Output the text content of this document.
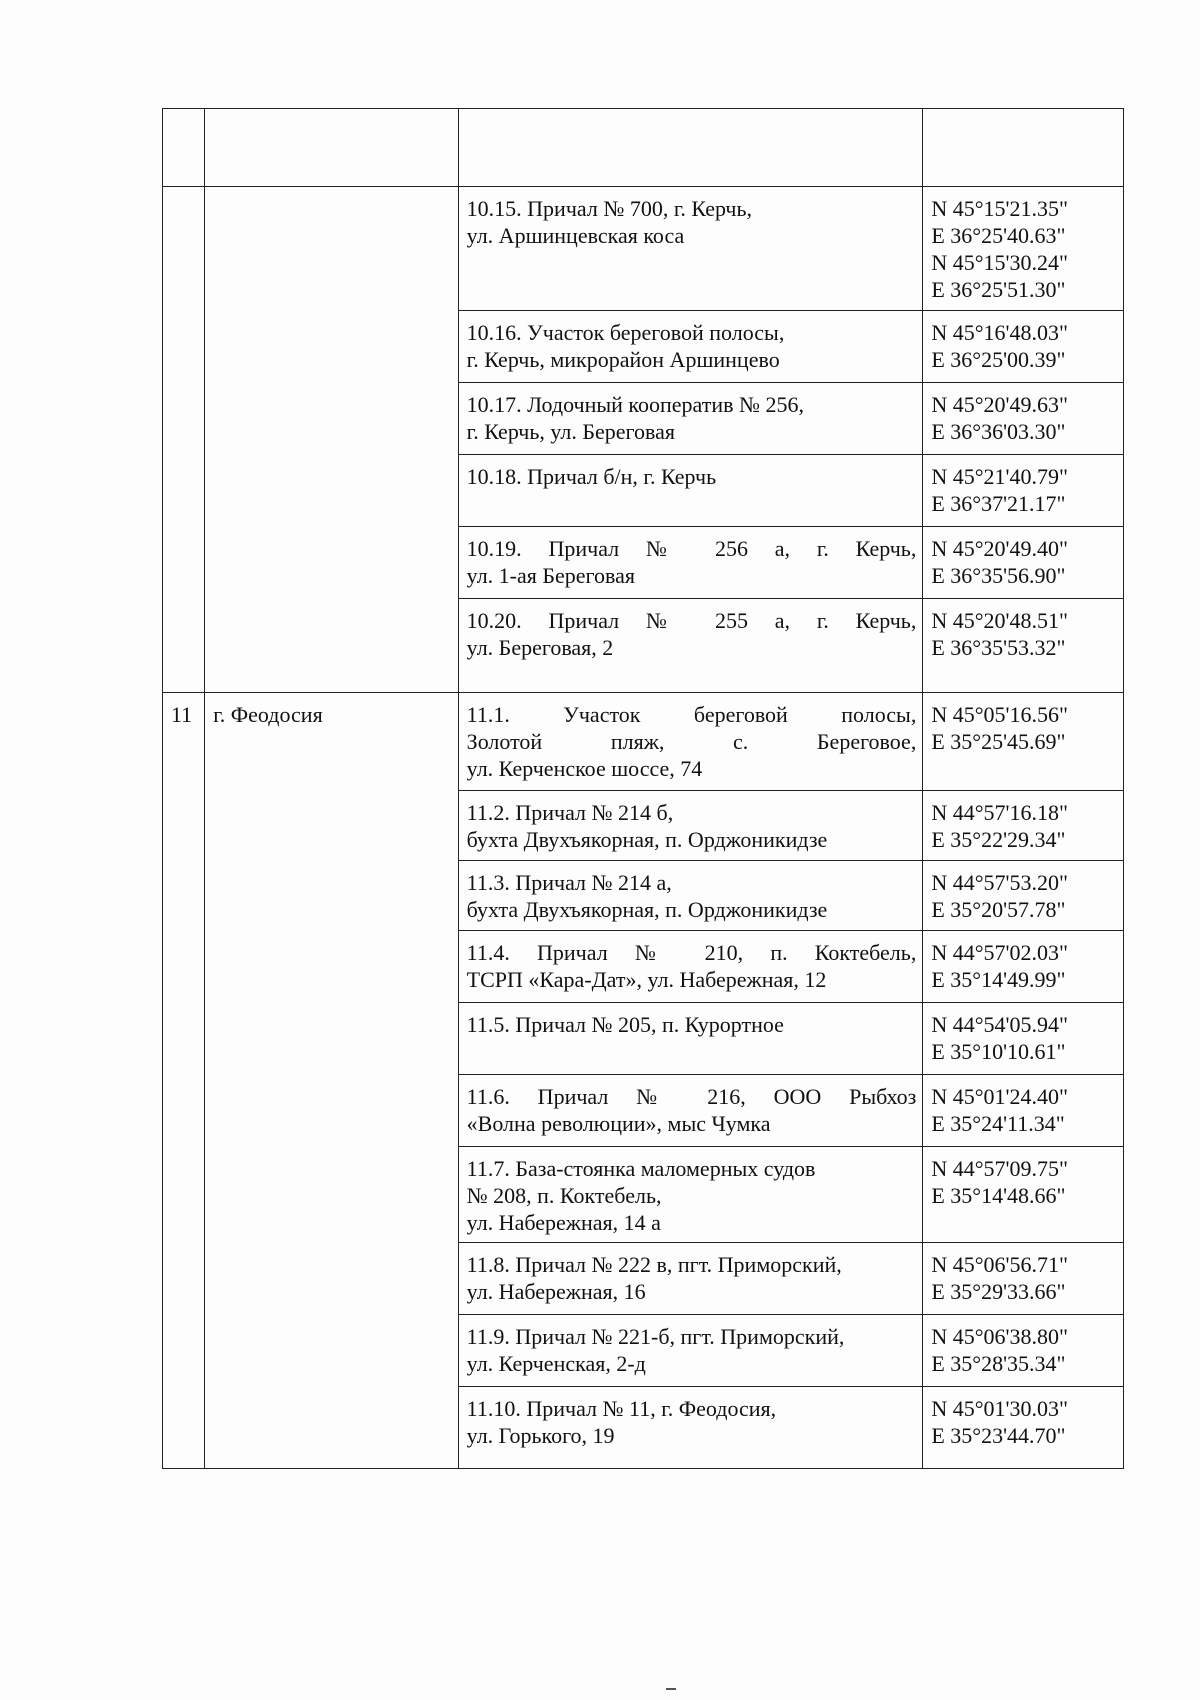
		10.15. Причал № 700, г. Керчь,
ул. Аршинцевская коса	N 45°15'21.35"
E 36°25'40.63"
N 45°15'30.24"
E 36°25'51.30"

		10.16. Участок береговой полосы,
г. Керчь, микрорайон Аршинцево	N 45°16'48.03"
E 36°25'00.39"

		10.17. Лодочный кооператив № 256,
г. Керчь, ул. Береговая	N 45°20'49.63"
E 36°36'03.30"

		10.18. Причал б/н, г. Керчь	N 45°21'40.79"
E 36°37'21.17"

		10.19. Причал № 256 а, г. Керчь,
ул. 1-ая Береговая	N 45°20'49.40"
E 36°35'56.90"

		10.20. Причал № 255 а, г. Керчь,
ул. Береговая, 2	N 45°20'48.51"
E 36°35'53.32"

11	г. Феодосия	11.1. Участок береговой полосы,
Золотой пляж, с. Береговое,
ул. Керченское шоссе, 74	N 45°05'16.56"
E 35°25'45.69"

		11.2. Причал № 214 б,
бухта Двухъякорная, п. Орджоникидзе	N 44°57'16.18"
E 35°22'29.34"

		11.3. Причал № 214 а,
бухта Двухъякорная, п. Орджоникидзе	N 44°57'53.20"
E 35°20'57.78"

		11.4. Причал № 210, п. Коктебель,
ТСРП «Кара-Дат», ул. Набережная, 12	N 44°57'02.03"
E 35°14'49.99"

		11.5. Причал № 205, п. Курортное	N 44°54'05.94"
E 35°10'10.61"

		11.6. Причал № 216, ООО Рыбхоз
«Волна революции», мыс Чумка	N 45°01'24.40"
E 35°24'11.34"

		11.7. База-стоянка маломерных судов
№ 208, п. Коктебель,
ул. Набережная, 14 а	N 44°57'09.75"
E 35°14'48.66"

		11.8. Причал № 222 в, пгт. Приморский,
ул. Набережная, 16	N 45°06'56.71"
E 35°29'33.66"

		11.9. Причал № 221-б, пгт. Приморский,
ул. Керченская, 2-д	N 45°06'38.80"
E 35°28'35.34"

		11.10. Причал № 11, г. Феодосия,
ул. Горького, 19	N 45°01'30.03"
E 35°23'44.70"
